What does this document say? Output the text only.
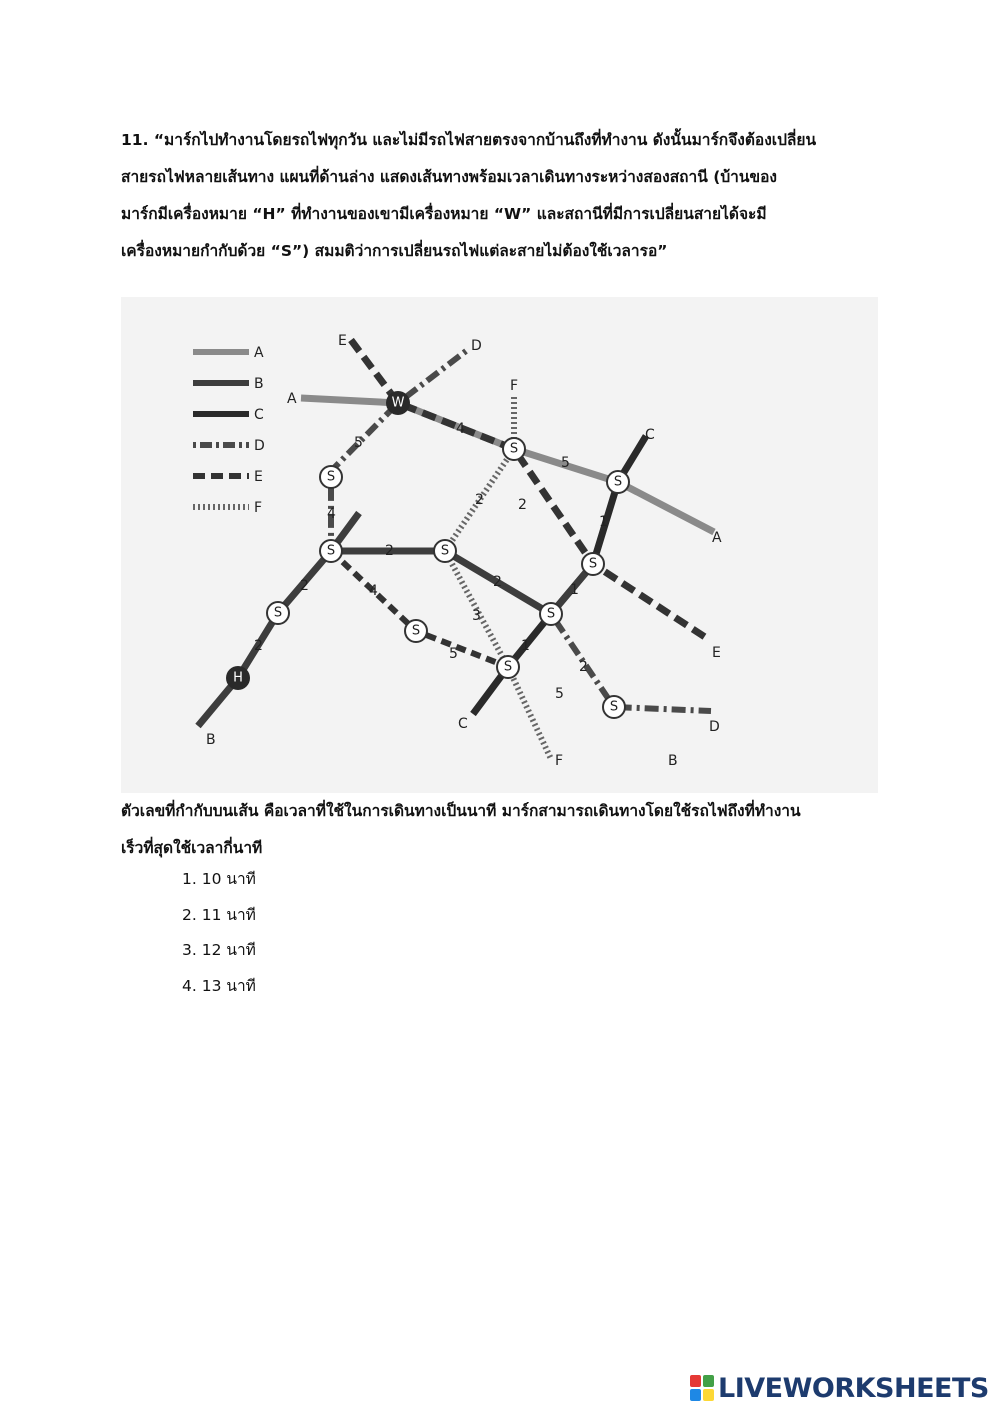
11. “มาร์กไปทำงานโดยรถไฟทุกวัน และไม่มีรถไฟสายตรงจากบ้านถึงที่ทำงาน ดังนั้นมาร์กจึงต้องเปลี่ยน
สายรถไฟหลายเส้นทาง แผนที่ด้านล่าง แสดงเส้นทางพร้อมเวลาเดินทางระหว่างสองสถานี (บ้านของ
มาร์กมีเครื่องหมาย “H” ที่ทำงานของเขามีเครื่องหมาย “W” และสถานีที่มีการเปลี่ยนสายได้จะมี
เครื่องหมายกำกับด้วย “S”) สมมติว่าการเปลี่ยนรถไฟแต่ละสายไม่ต้องใช้เวลารอ”
A
B
C
D
E
F
W
H
S
S
S
S
S
S
S
S
S
S
S
A
A
B
B
C
C
D
D
E
E
F
F
5
4
4
5
1
2
2
2
2
2
4
5
3
1
1
5
2
2
ตัวเลขที่กำกับบนเส้น คือเวลาที่ใช้ในการเดินทางเป็นนาที มาร์กสามารถเดินทางโดยใช้รถไฟถึงที่ทำงาน
เร็วที่สุดใช้เวลากี่นาที
1. 10 นาที
2. 11 นาที
3. 12 นาที
4. 13 นาที
LIVEWORKSHEETS
